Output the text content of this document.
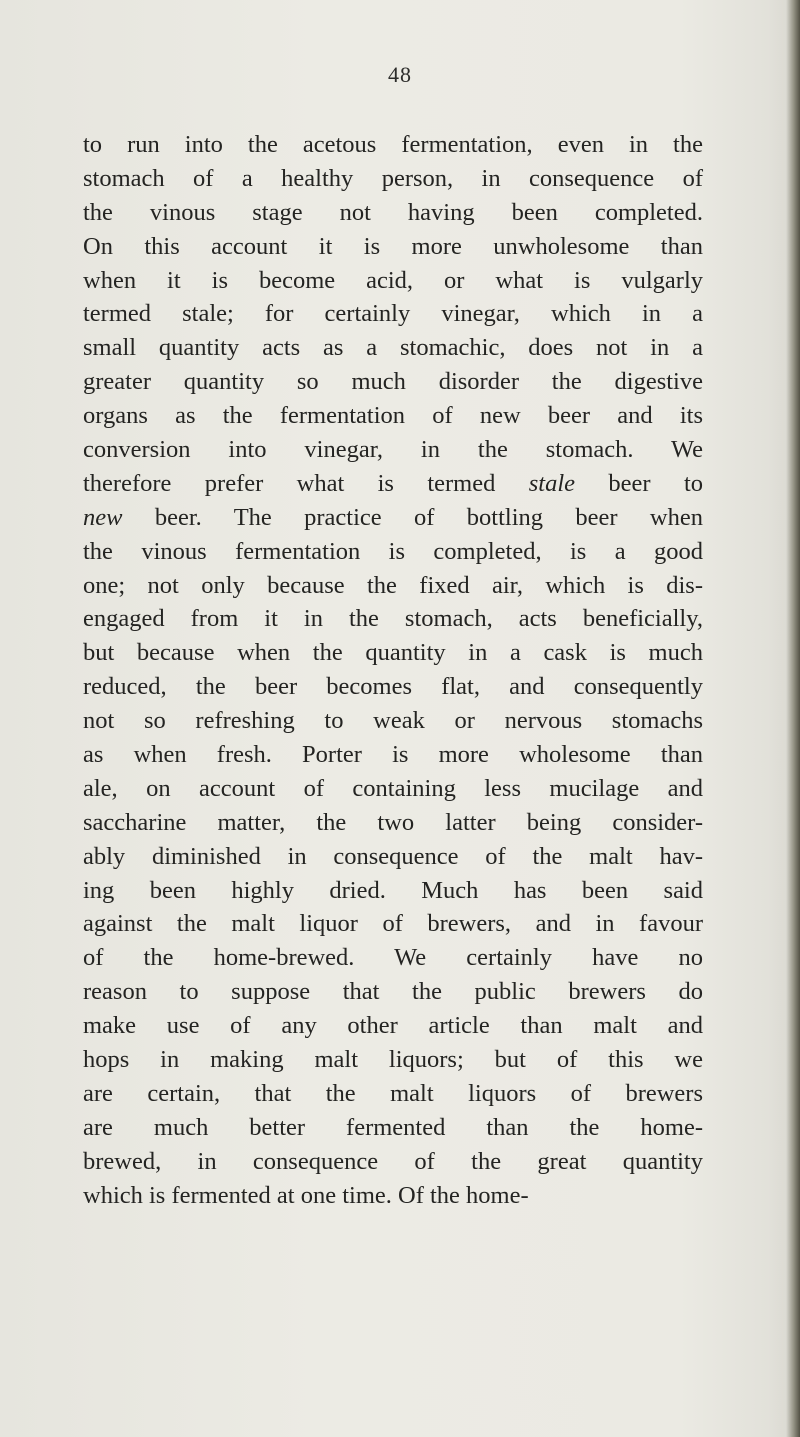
48

to run into the acetous fermentation, even in the
stomach of a healthy person, in consequence of
the vinous stage not having been completed.
On this account it is more unwholesome than
when it is become acid, or what is vulgarly
termed stale; for certainly vinegar, which in a
small quantity acts as a stomachic, does not in a
greater quantity so much disorder the digestive
organs as the fermentation of new beer and its
conversion into vinegar, in the stomach. We
therefore prefer what is termed stale beer to
new beer. The practice of bottling beer when
the vinous fermentation is completed, is a good
one; not only because the fixed air, which is dis-
engaged from it in the stomach, acts beneficially,
but because when the quantity in a cask is much
reduced, the beer becomes flat, and consequently
not so refreshing to weak or nervous stomachs
as when fresh. Porter is more wholesome than
ale, on account of containing less mucilage and
saccharine matter, the two latter being consider-
ably diminished in consequence of the malt hav-
ing been highly dried. Much has been said
against the malt liquor of brewers, and in favour
of the home-brewed. We certainly have no
reason to suppose that the public brewers do
make use of any other article than malt and
hops in making malt liquors; but of this we
are certain, that the malt liquors of brewers
are much better fermented than the home-
brewed, in consequence of the great quantity
which is fermented at one time. Of the home-
